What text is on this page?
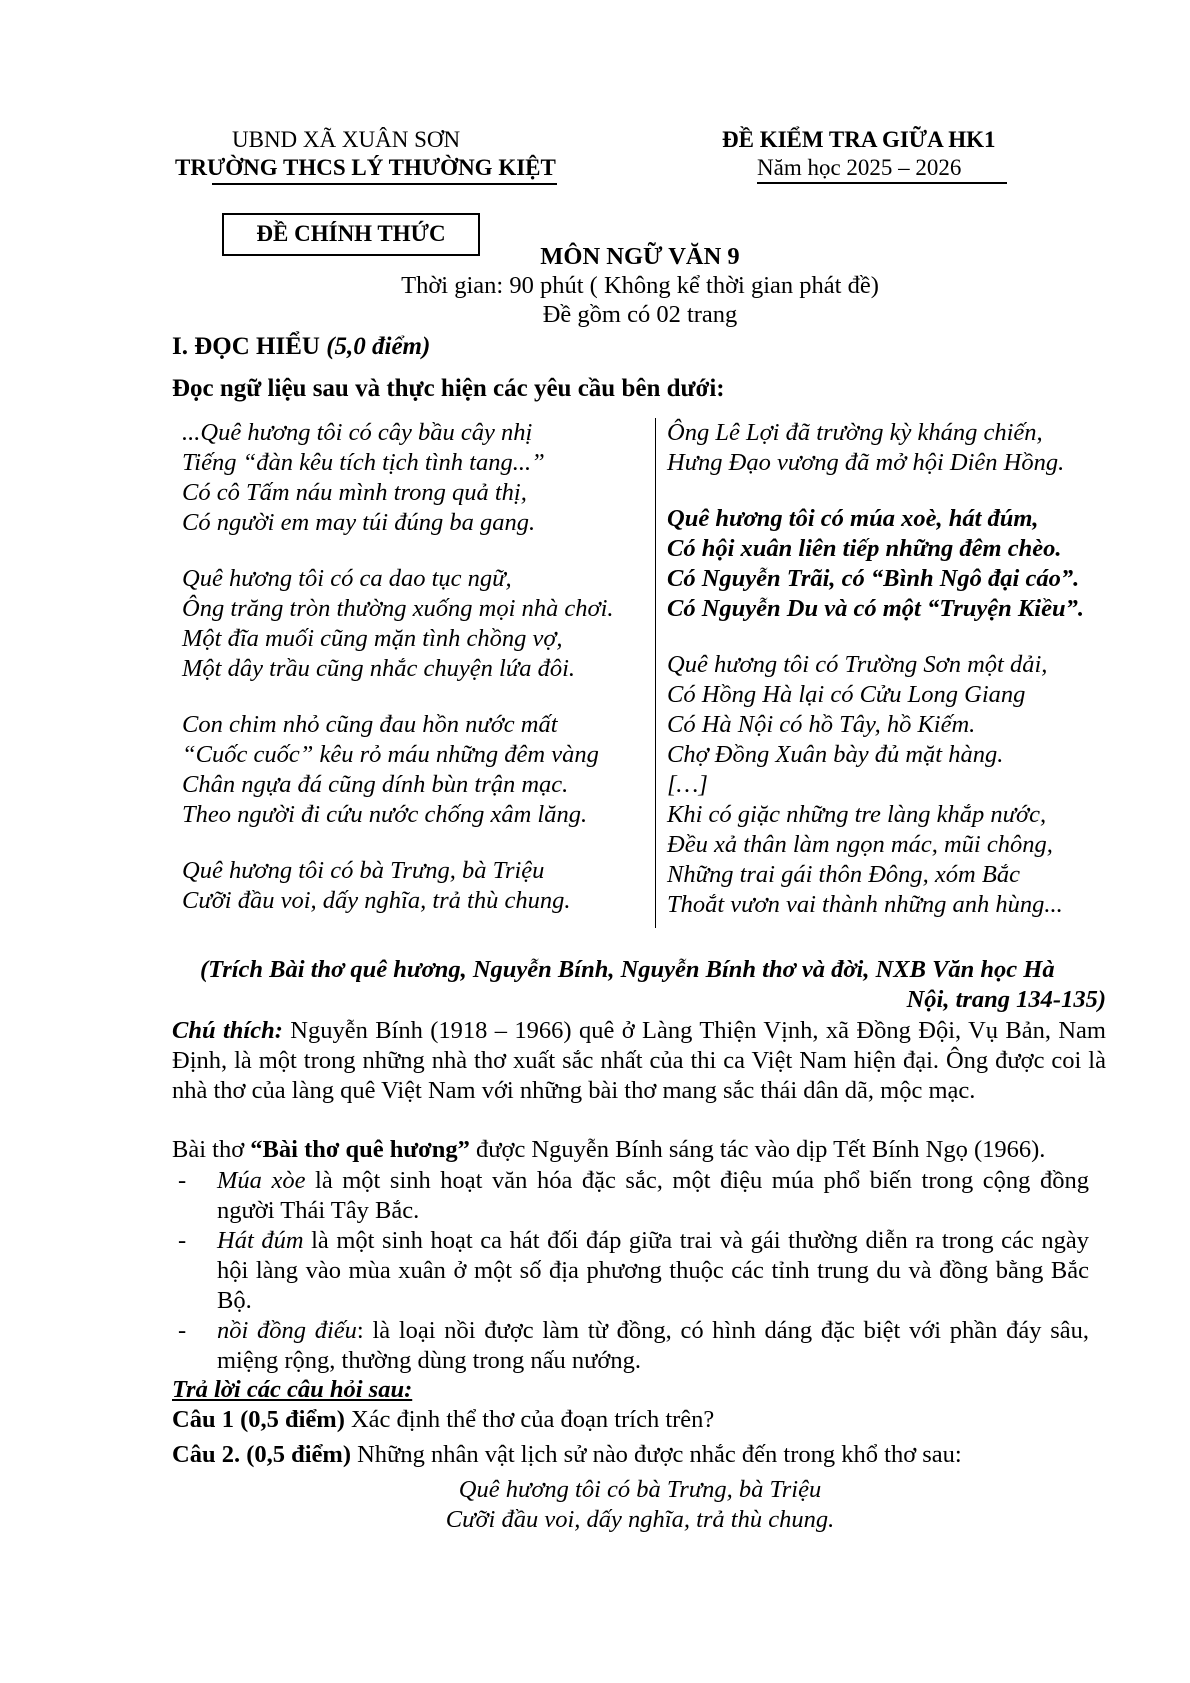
UBND XÃ XUÂN SƠN
TRƯỜNG THCS LÝ THƯỜNG KIỆT
ĐỀ KIỂM TRA GIỮA HK1
Năm học 2025 – 2026
ĐỀ CHÍNH THỨC
MÔN NGỮ VĂN 9
Thời gian: 90 phút ( Không kể thời gian phát đề)
Đề gồm có 02 trang
I. ĐỌC HIỂU (5,0 điểm)
Đọc ngữ liệu sau và thực hiện các yêu cầu bên dưới:
...Quê hương tôi có cây bầu cây nhị
Tiếng “đàn kêu tích tịch tình tang...”
Có cô Tấm náu mình trong quả thị,
Có người em may túi đúng ba gang.
Quê hương tôi có ca dao tục ngữ,
Ông trăng tròn thường xuống mọi nhà chơi.
Một đĩa muối cũng mặn tình chồng vợ,
Một dây trầu cũng nhắc chuyện lứa đôi.
Con chim nhỏ cũng đau hồn nước mất
“Cuốc cuốc” kêu rỏ máu những đêm vàng
Chân ngựa đá cũng dính bùn trận mạc.
Theo người đi cứu nước chống xâm lăng.
Quê hương tôi có bà Trưng, bà Triệu
Cưỡi đầu voi, dấy nghĩa, trả thù chung.
Ông Lê Lợi đã trường kỳ kháng chiến,
Hưng Đạo vương đã mở hội Diên Hồng.
Quê hương tôi có múa xoè, hát đúm,
Có hội xuân liên tiếp những đêm chèo.
Có Nguyễn Trãi, có “Bình Ngô đại cáo”.
Có Nguyễn Du và có một “Truyện Kiều”.
Quê hương tôi có Trường Sơn một dải,
Có Hồng Hà lại có Cửu Long Giang
Có Hà Nội có hồ Tây, hồ Kiếm.
Chợ Đồng Xuân bày đủ mặt hàng.
[…]
Khi có giặc những tre làng khắp nước,
Đều xả thân làm ngọn mác, mũi chông,
Những trai gái thôn Đông, xóm Bắc
Thoắt vươn vai thành những anh hùng...
(Trích Bài thơ quê hương, Nguyễn Bính, Nguyễn Bính thơ và đời, NXB Văn học Hà
Nội, trang 134-135)
Chú thích: Nguyễn Bính (1918 – 1966) quê ở Làng Thiện Vịnh, xã Đồng Đội, Vụ Bản, Nam Định, là một trong những nhà thơ xuất sắc nhất của thi ca Việt Nam hiện đại. Ông được coi là nhà thơ của làng quê Việt Nam với những bài thơ mang sắc thái dân dã, mộc mạc.
Bài thơ “Bài thơ quê hương” được Nguyễn Bính sáng tác vào dịp Tết Bính Ngọ (1966).
- Múa xòe là một sinh hoạt văn hóa đặc sắc, một điệu múa phổ biến trong cộng đồng người Thái Tây Bắc.
- Hát đúm là một sinh hoạt ca hát đối đáp giữa trai và gái thường diễn ra trong các ngày hội làng vào mùa xuân ở một số địa phương thuộc các tỉnh trung du và đồng bằng Bắc Bộ.
- nồi đồng điếu: là loại nồi được làm từ đồng, có hình dáng đặc biệt với phần đáy sâu, miệng rộng, thường dùng trong nấu nướng.
Trả lời các câu hỏi sau:
Câu 1 (0,5 điểm) Xác định thể thơ của đoạn trích trên?
Câu 2. (0,5 điểm) Những nhân vật lịch sử nào được nhắc đến trong khổ thơ sau:
Quê hương tôi có bà Trưng, bà Triệu
Cưỡi đầu voi, dấy nghĩa, trả thù chung.
